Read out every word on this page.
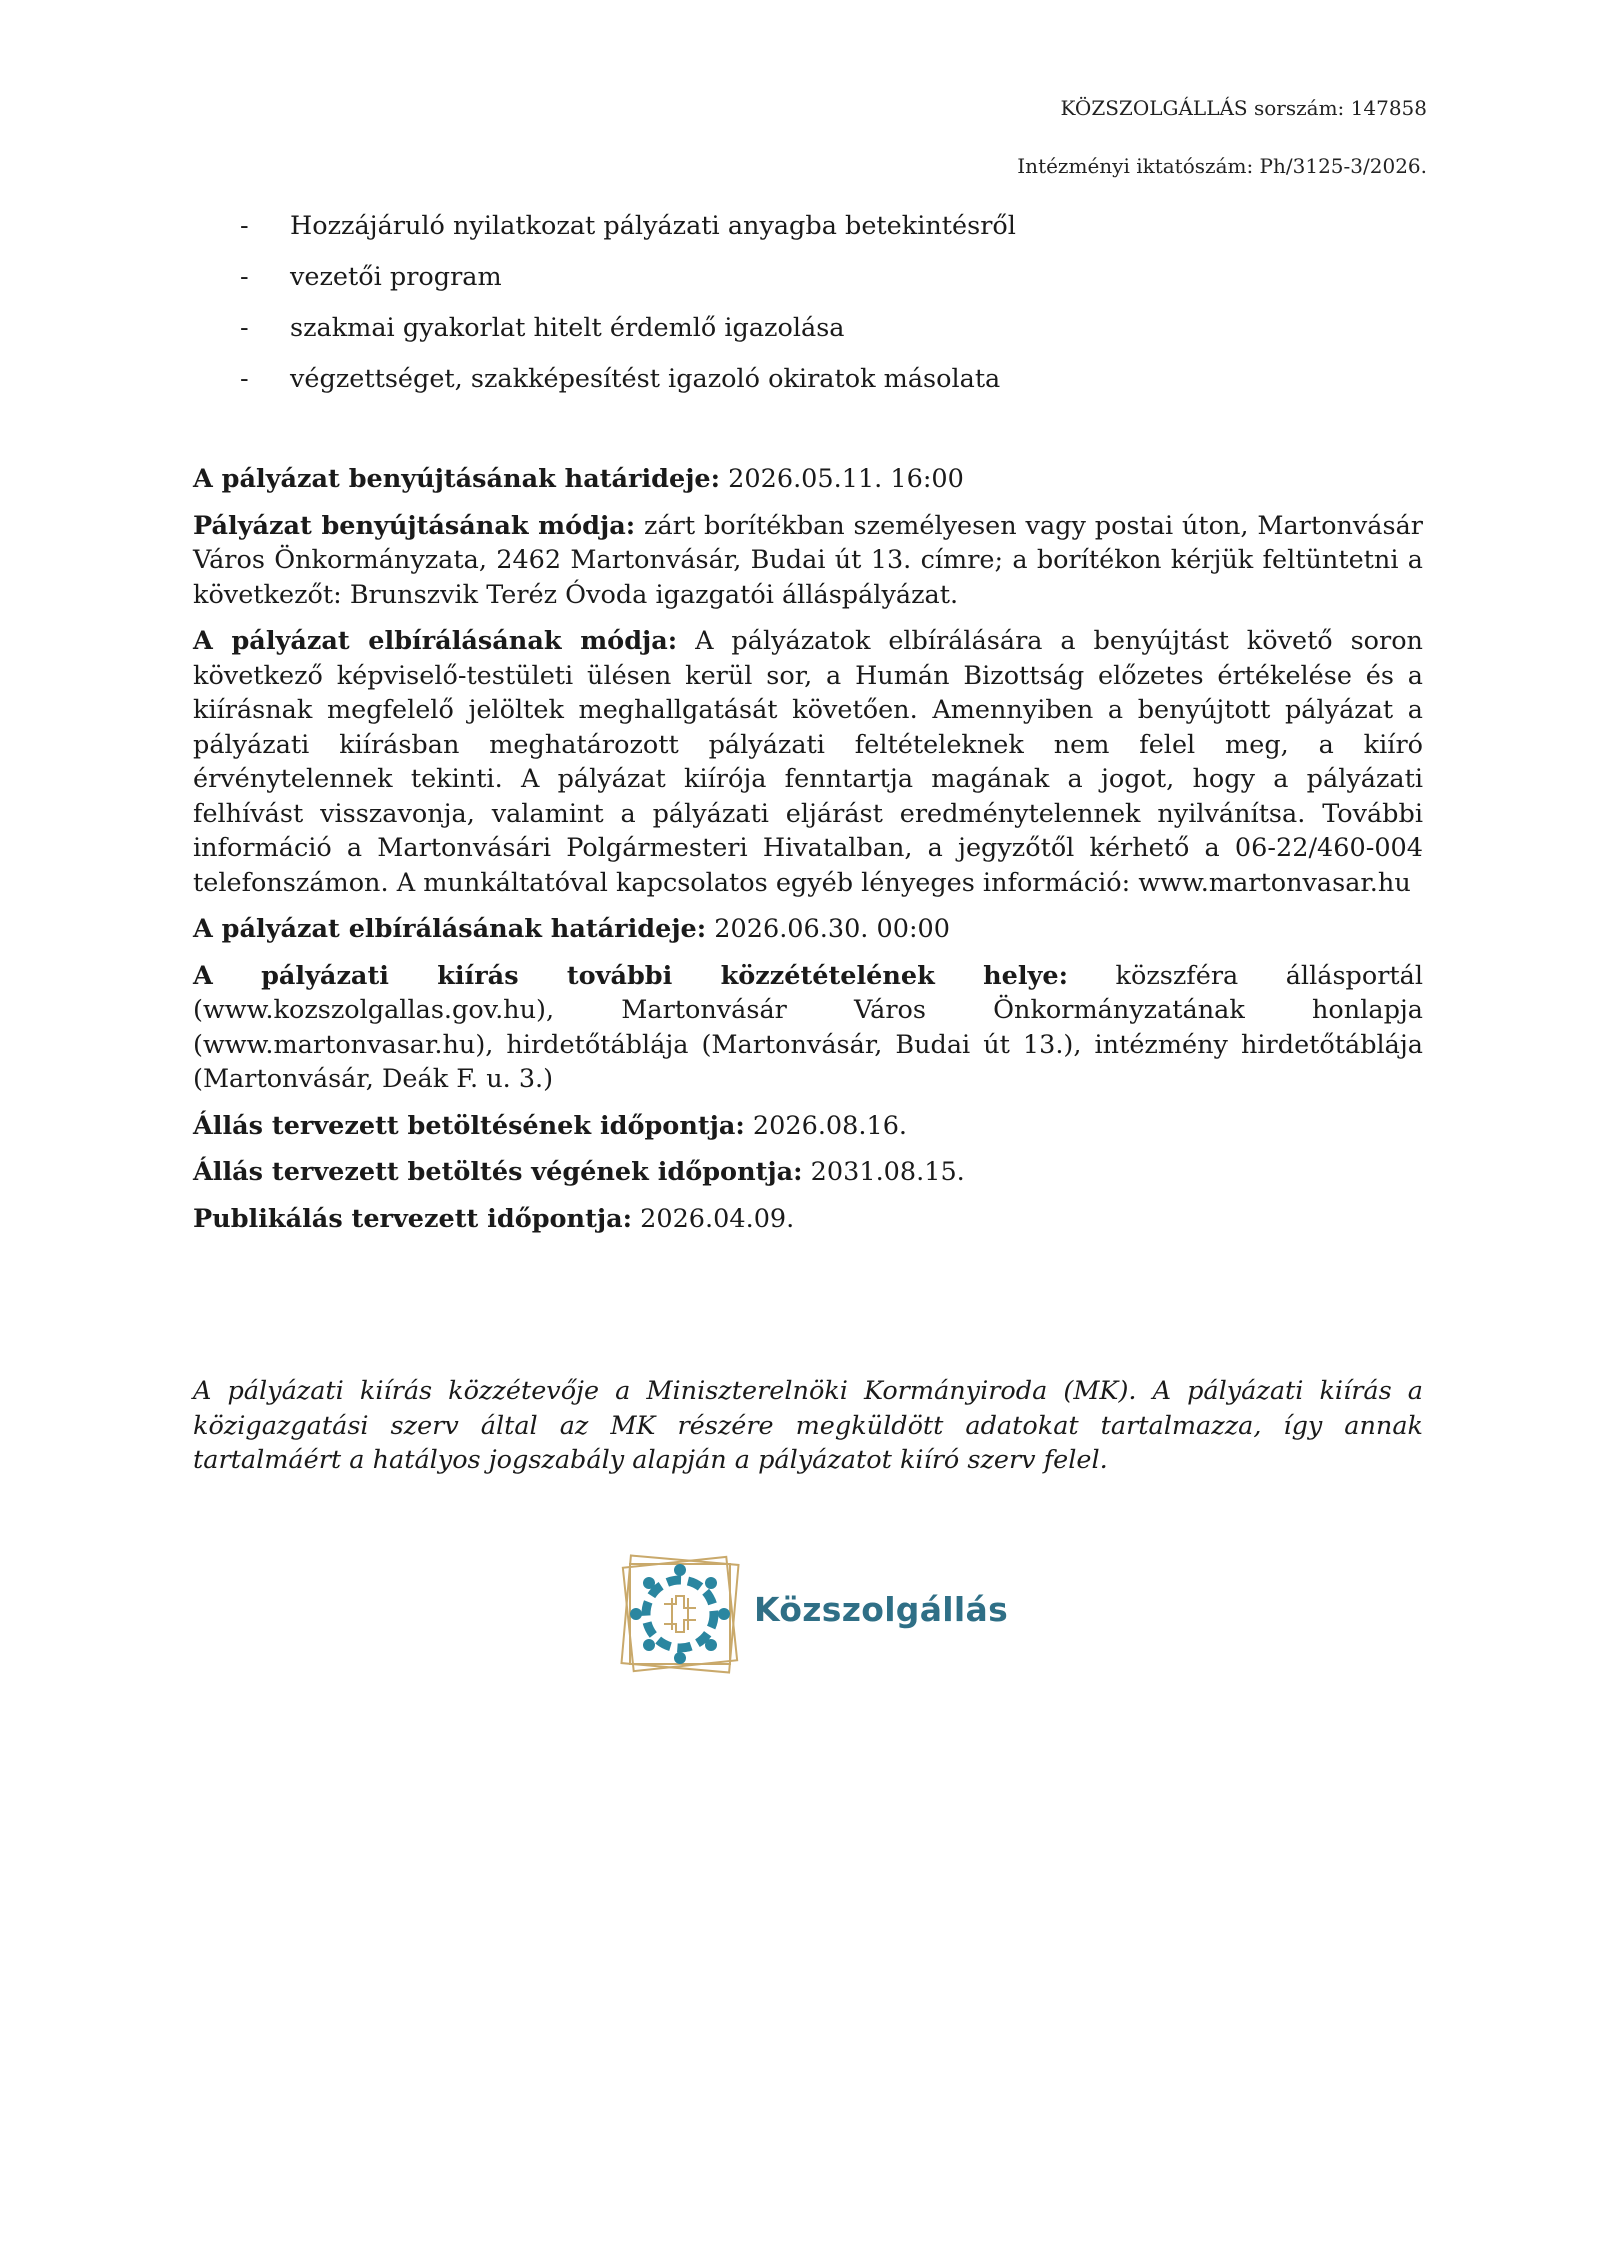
KÖZSZOLGÁLLÁS sorszám: 147858
Intézményi iktatószám: Ph/3125-3/2026.
- Hozzájáruló nyilatkozat pályázati anyagba betekintésről
- vezetői program
- szakmai gyakorlat hitelt érdemlő igazolása
- végzettséget, szakképesítést igazoló okiratok másolata

A pályázat benyújtásának határideje: 2026.05.11. 16:00

Pályázat benyújtásának módja: zárt borítékban személyesen vagy postai úton, Martonvásár Város Önkormányzata, 2462 Martonvásár, Budai út 13. címre; a borítékon kérjük feltüntetni a következőt: Brunszvik Teréz Óvoda igazgatói álláspályázat.

A pályázat elbírálásának módja: A pályázatok elbírálására a benyújtást követő soron következő képviselő-testületi ülésen kerül sor, a Humán Bizottság előzetes értékelése és a kiírásnak megfelelő jelöltek meghallgatását követően. Amennyiben a benyújtott pályázat a pályázati kiírásban meghatározott pályázati feltételeknek nem felel meg, a kiíró érvénytelennek tekinti. A pályázat kiírója fenntartja magának a jogot, hogy a pályázati felhívást visszavonja, valamint a pályázati eljárást eredménytelennek nyilvánítsa. További információ a Martonvásári Polgármesteri Hivatalban, a jegyzőtől kérhető a 06-22/460-004 telefonszámon. A munkáltatóval kapcsolatos egyéb lényeges információ: www.martonvasar.hu

A pályázat elbírálásának határideje: 2026.06.30. 00:00

A pályázati kiírás további közzétételének helye: közszféra állásportál (www.kozszolgallas.gov.hu), Martonvásár Város Önkormányzatának honlapja (www.martonvasar.hu), hirdetőtáblája (Martonvásár, Budai út 13.), intézmény hirdetőtáblája (Martonvásár, Deák F. u. 3.)

Állás tervezett betöltésének időpontja: 2026.08.16.

Állás tervezett betöltés végének időpontja: 2031.08.15.

Publikálás tervezett időpontja: 2026.04.09.

A pályázati kiírás közzétevője a Miniszterelnöki Kormányiroda (MK). A pályázati kiírás a közigazgatási szerv által az MK részére megküldött adatokat tartalmazza, így annak tartalmáért a hatályos jogszabály alapján a pályázatot kiíró szerv felel.

Közszolgállás
